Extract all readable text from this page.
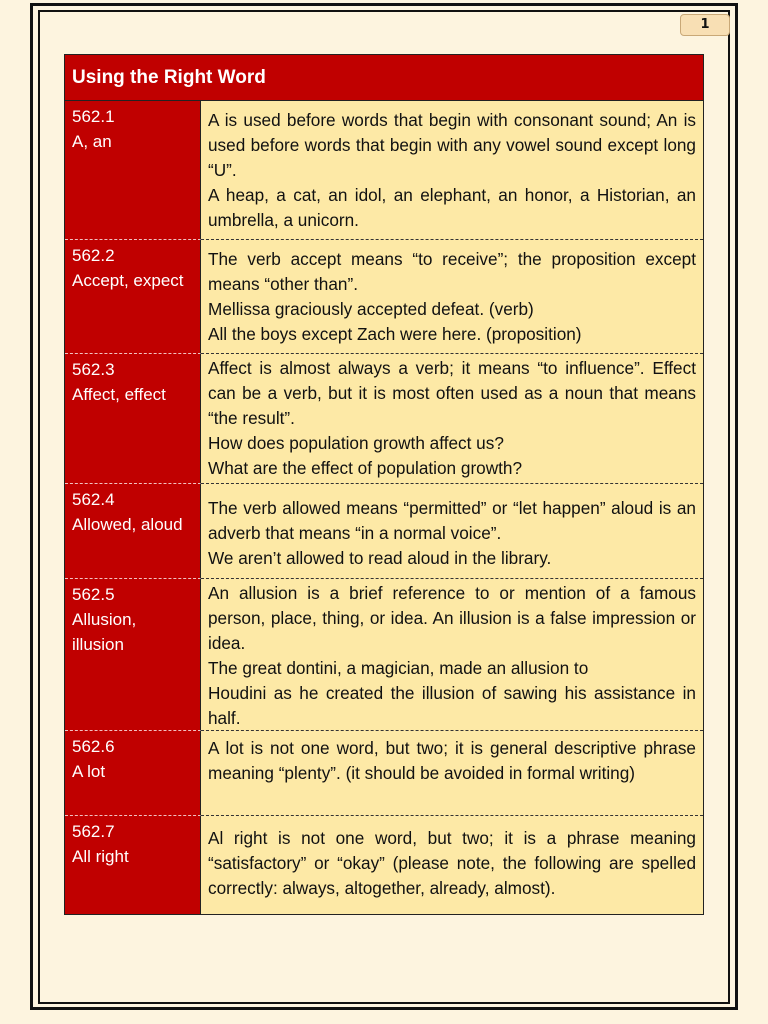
1
Using the Right Word
562.1
A, an
A is used before words that begin with consonant sound; An is used before words that begin with any vowel sound except long “U”.
A heap, a cat, an idol, an elephant, an honor, a Historian, an umbrella, a unicorn.
562.2
Accept, expect
The verb accept means “to receive”; the proposition except means “other than”.
Mellissa graciously accepted defeat. (verb)
All the boys except Zach were here. (proposition)
562.3
Affect, effect
Affect is almost always a verb; it means “to influence”. Effect can be a verb, but it is most often used as a noun that means “the result”.
How does population growth affect us?
What are the effect of population growth?
562.4
Allowed, aloud
The verb allowed means “permitted” or “let happen” aloud is an adverb that means “in a normal voice”.
We aren’t allowed to read aloud in the library.
562.5
Allusion, illusion
An allusion is a brief reference to or mention of a famous person, place, thing, or idea. An illusion is a false impression or idea.
The great dontini, a magician, made an allusion to
Houdini as he created the illusion of sawing his assistance in half.
562.6
A lot
A lot is not one word, but two; it is general descriptive phrase meaning “plenty”. (it should be avoided in formal writing)
562.7
All right
Al right is not one word, but two; it is a phrase meaning “satisfactory” or “okay” (please note, the following are spelled correctly: always, altogether, already, almost).
